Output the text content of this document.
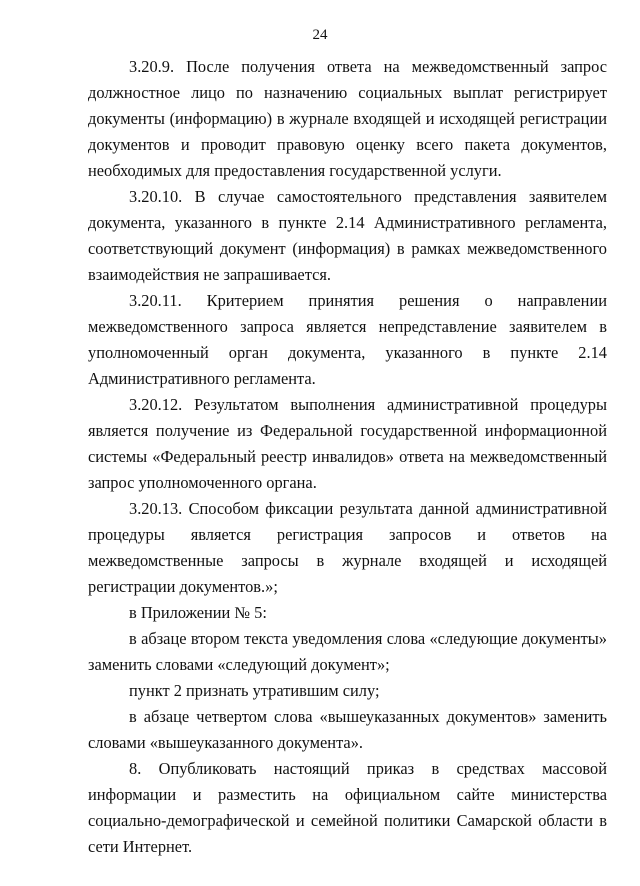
24

3.20.9. После получения ответа на межведомственный запрос должностное лицо по назначению социальных выплат регистрирует документы (информацию) в журнале входящей и исходящей регистрации документов и проводит правовую оценку всего пакета документов, необходимых для предоставления государственной услуги.

3.20.10. В случае самостоятельного представления заявителем документа, указанного в пункте 2.14 Административного регламента, соответствующий документ (информация) в рамках межведомственного взаимодействия не запрашивается.

3.20.11. Критерием принятия решения о направлении межведомственного запроса является непредставление заявителем в уполномоченный орган документа, указанного в пункте 2.14 Административного регламента.

3.20.12. Результатом выполнения административной процедуры является получение из Федеральной государственной информационной системы «Федеральный реестр инвалидов» ответа на межведомственный запрос уполномоченного органа.

3.20.13. Способом фиксации результата данной административной процедуры является регистрация запросов и ответов на межведомственные запросы в журнале входящей и исходящей регистрации документов.»;

в Приложении № 5:

в абзаце втором текста уведомления слова «следующие документы» заменить словами «следующий документ»;

пункт 2 признать утратившим силу;

в абзаце четвертом слова «вышеуказанных документов» заменить словами «вышеуказанного документа».

8. Опубликовать настоящий приказ в средствах массовой информации и разместить на официальном сайте министерства социально-демографической и семейной политики Самарской области в сети Интернет.
